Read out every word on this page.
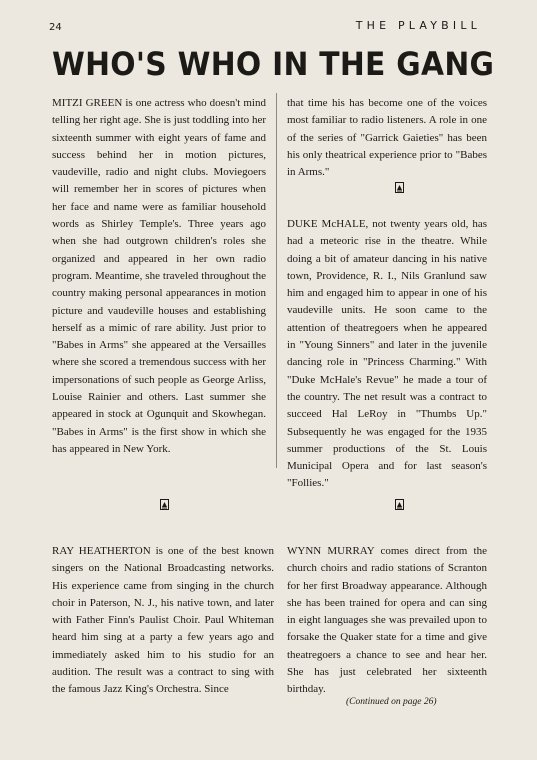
24	THE PLAYBILL
WHO'S WHO IN THE GANG

MITZI GREEN is one actress who doesn't mind telling her right age. She is just toddling into her sixteenth summer with eight years of fame and success behind her in motion pictures, vaudeville, radio and night clubs. Moviegoers will remember her in scores of pictures when her face and name were as familiar household words as Shirley Temple's. Three years ago when she had outgrown children's roles she organized and appeared in her own radio program. Meantime, she traveled throughout the country making personal appearances in motion picture and vaudeville houses and establishing herself as a mimic of rare ability. Just prior to "Babes in Arms" she appeared at the Versailles where she scored a tremendous success with her impersonations of such people as George Arliss, Louise Rainier and others. Last summer she appeared in stock at Ogunquit and Skowhegan. "Babes in Arms" is the first show in which she has appeared in New York.

that time his has become one of the voices most familiar to radio listeners. A role in one of the series of "Garrick Gaieties" has been his only theatrical experience prior to "Babes in Arms."

DUKE McHALE, not twenty years old, has had a meteoric rise in the theatre. While doing a bit of amateur dancing in his native town, Providence, R. I., Nils Granlund saw him and engaged him to appear in one of his vaudeville units. He soon came to the attention of theatregoers when he appeared in "Young Sinners" and later in the juvenile dancing role in "Princess Charming." With "Duke McHale's Revue" he made a tour of the country. The net result was a contract to succeed Hal LeRoy in "Thumbs Up." Subsequently he was engaged for the 1935 summer productions of the St. Louis Municipal Opera and for last season's "Follies."

RAY HEATHERTON is one of the best known singers on the National Broadcasting networks. His experience came from singing in the church choir in Paterson, N. J., his native town, and later with Father Finn's Paulist Choir. Paul Whiteman heard him sing at a party a few years ago and immediately asked him to his studio for an audition. The result was a contract to sing with the famous Jazz King's Orchestra. Since

WYNN MURRAY comes direct from the church choirs and radio stations of Scranton for her first Broadway appearance. Although she has been trained for opera and can sing in eight languages she was prevailed upon to forsake the Quaker state for a time and give theatregoers a chance to see and hear her. She has just celebrated her sixteenth birthday.

(Continued on page 26)
